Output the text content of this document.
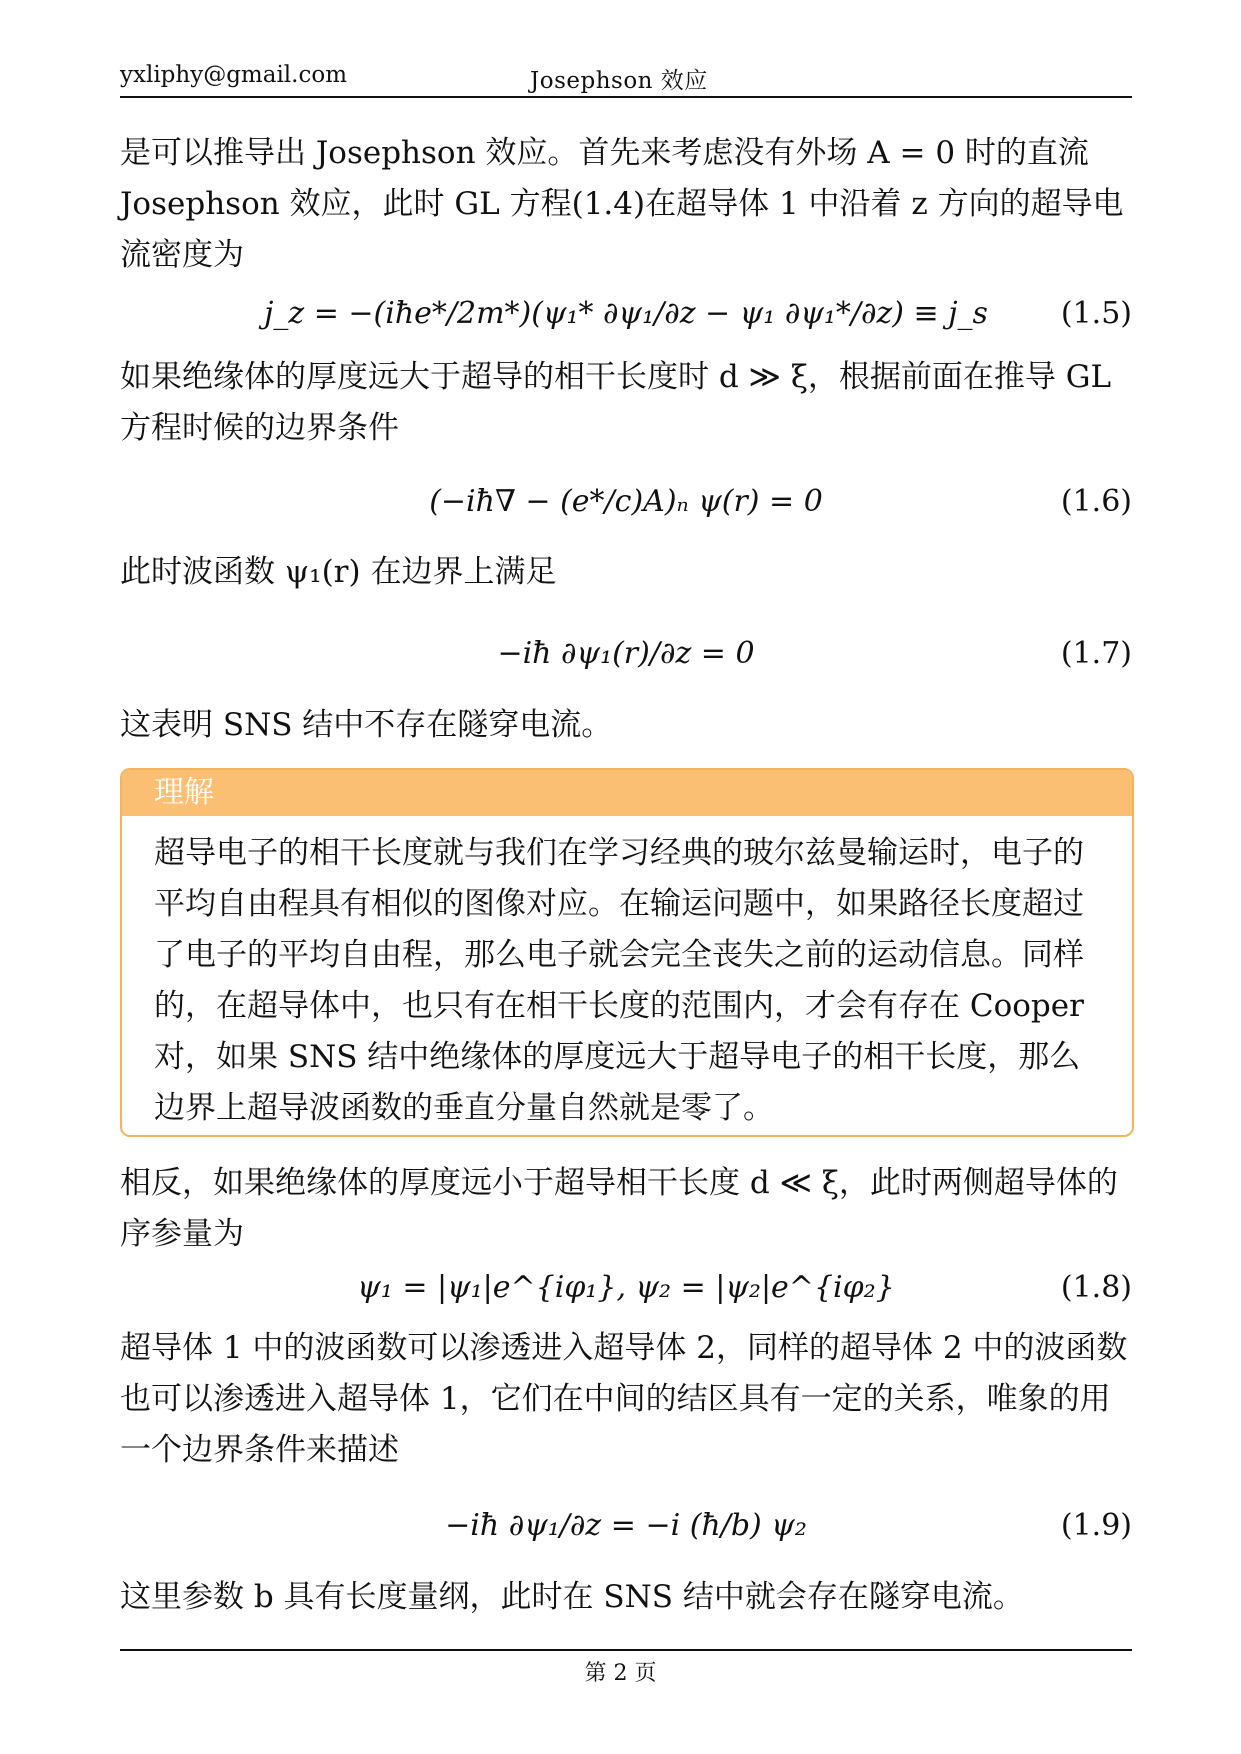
yxliphy@gmail.com	Josephson 效应
是可以推导出 Josephson 效应。首先来考虑没有外场 A = 0 时的直流 Josephson 效应，此时 GL 方程(1.4)在超导体 1 中沿着 z 方向的超导电流密度为
j_z = −(iħe*/2m*)(ψ₁* ∂ψ₁/∂z − ψ₁ ∂ψ₁*/∂z) ≡ j_s	(1.5)
如果绝缘体的厚度远大于超导的相干长度时 d ≫ ξ，根据前面在推导 GL 方程时候的边界条件
(−iħ∇ − (e*/c)A)ₙ ψ(r) = 0	(1.6)
此时波函数 ψ₁(r) 在边界上满足
−iħ ∂ψ₁(r)/∂z = 0	(1.7)
这表明 SNS 结中不存在隧穿电流。
理解
超导电子的相干长度就与我们在学习经典的玻尔兹曼输运时，电子的平均自由程具有相似的图像对应。在输运问题中，如果路径长度超过了电子的平均自由程，那么电子就会完全丧失之前的运动信息。同样的，在超导体中，也只有在相干长度的范围内，才会有存在 Cooper 对，如果 SNS 结中绝缘体的厚度远大于超导电子的相干长度，那么边界上超导波函数的垂直分量自然就是零了。
相反，如果绝缘体的厚度远小于超导相干长度 d ≪ ξ，此时两侧超导体的序参量为
ψ₁ = |ψ₁|e^{iφ₁}, ψ₂ = |ψ₂|e^{iφ₂}	(1.8)
超导体 1 中的波函数可以渗透进入超导体 2，同样的超导体 2 中的波函数也可以渗透进入超导体 1，它们在中间的结区具有一定的关系，唯象的用一个边界条件来描述
−iħ ∂ψ₁/∂z = −i (ħ/b) ψ₂	(1.9)
这里参数 b 具有长度量纲，此时在 SNS 结中就会存在隧穿电流。
第 2 页
